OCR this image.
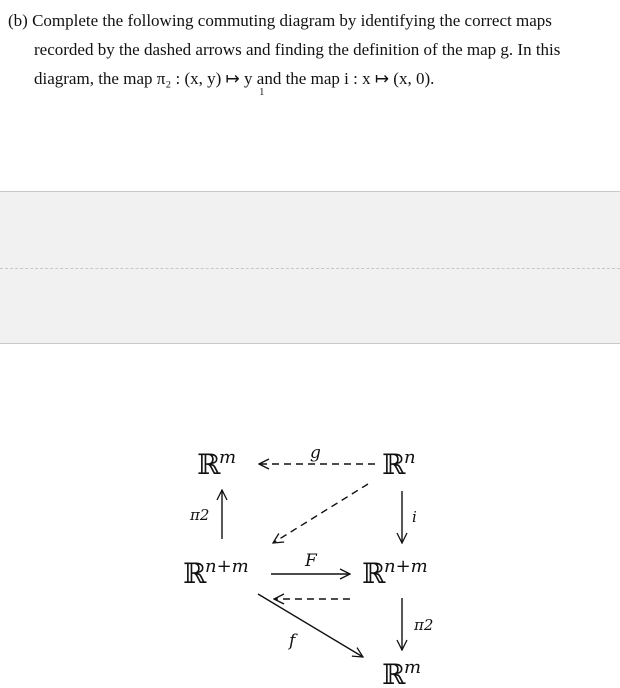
(b) Complete the following commuting diagram by identifying the correct maps
recorded by the dashed arrows and finding the definition of the map g. In this
diagram, the map π₂ : (x, y) ↦ y and the map i : x ↦ (x, 0).
1
ℝ
m	ℝ
n
ℝ
n+m	ℝ
n+m
ℝ
m
g
π2	i
F
π2
f
